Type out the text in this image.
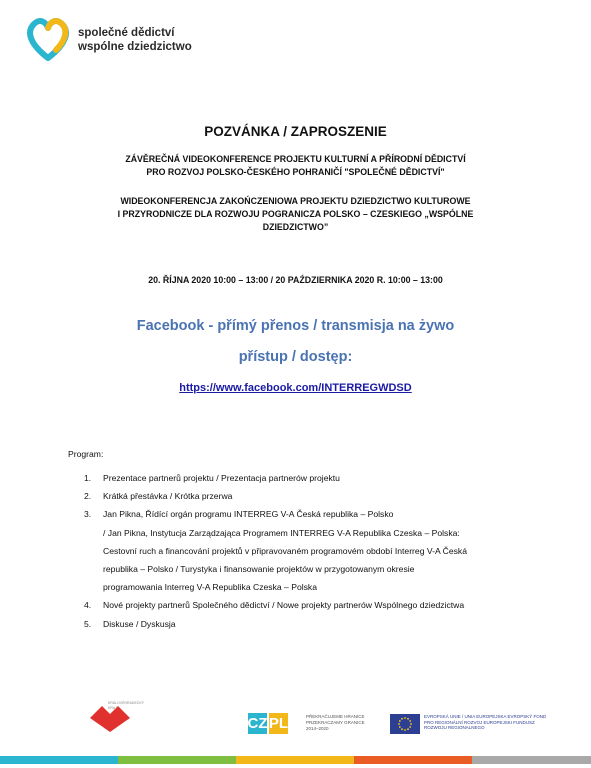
společné dědictví
wspólne dziedzictwo
POZVÁNKA / ZAPROSZENIE
ZÁVĚREČNÁ VIDEOKONFERENCE PROJEKTU KULTURNÍ A PŘÍRODNÍ DĚDICTVÍ
PRO ROZVOJ POLSKO-ČESKÉHO POHRANIČÍ "SPOLEČNÉ DĚDICTVÍ"
WIDEOKONFERENCJA ZAKOŃCZENIOWA PROJEKTU DZIEDZICTWO KULTUROWE
I PRZYRODNICZE DLA ROZWOJU POGRANICZA POLSKO – CZESKIEGO „WSPÓLNE
DZIEDZICTWO”
20. ŘÍJNA 2020 10:00 – 13:00 / 20 PAŹDZIERNIKA 2020 R. 10:00 – 13:00
Facebook - přímý přenos / transmisja na żywo
přístup / dostęp:
https://www.facebook.com/INTERREGWDSD
Program:
1.	Prezentace partnerů projektu / Prezentacja partnerów projektu
2.	Krátká přestávka / Krótka przerwa
3.	Jan Pikna, Řídící orgán programu INTERREG V-A Česká republika – Polsko
/ Jan Pikna, Instytucja Zarządzająca Programem INTERREG V-A Republika Czeska – Polska:
Cestovní ruch a financování projektů v připravovaném programovém období Interreg V-A Česká
republika – Polsko / Turystyka i finansowanie projektów w przygotowanym okresie
programowania Interreg V-A Republika Czeska – Polska
4.	Nové projekty partnerů Společného dědictví / Nowe projekty partnerów Wspólnego dziedzictwa
5.	Diskuse / Dyskusja
KRÁLOVÉHRADECKÝ KRAJ
CZ PL	PŘEKRAČUJEME HRANICE PRZEKRACZAMY GRANICE 2014–2020
EVROPSKÁ UNIE / UNIA EUROPEJSKA EVROPSKÝ FOND PRO REGIONÁLNÍ ROZVOJ EUROPEJSKI FUNDUSZ ROZWOJU REGIONALNEGO
